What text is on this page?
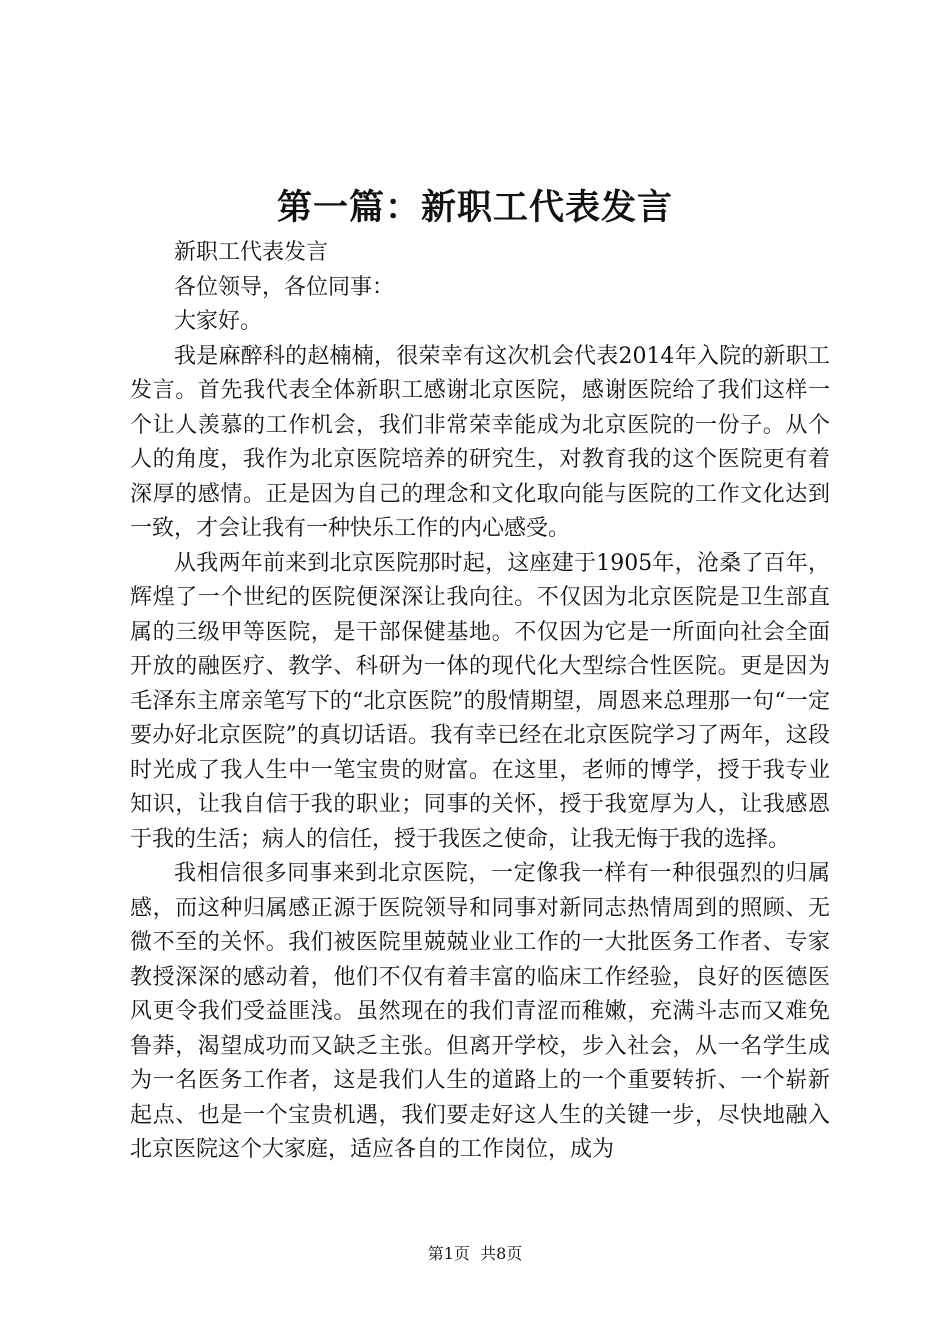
第一篇：新职工代表发言

新职工代表发言

各位领导，各位同事：

大家好。

我是麻醉科的赵楠楠，很荣幸有这次机会代表2014年入院的新职工发言。首先我代表全体新职工感谢北京医院，感谢医院给了我们这样一个让人羡慕的工作机会，我们非常荣幸能成为北京医院的一份子。从个人的角度，我作为北京医院培养的研究生，对教育我的这个医院更有着深厚的感情。正是因为自己的理念和文化取向能与医院的工作文化达到一致，才会让我有一种快乐工作的内心感受。

从我两年前来到北京医院那时起，这座建于1905年，沧桑了百年，辉煌了一个世纪的医院便深深让我向往。不仅因为北京医院是卫生部直属的三级甲等医院，是干部保健基地。不仅因为它是一所面向社会全面开放的融医疗、教学、科研为一体的现代化大型综合性医院。更是因为毛泽东主席亲笔写下的“北京医院”的殷情期望，周恩来总理那一句“一定要办好北京医院”的真切话语。我有幸已经在北京医院学习了两年，这段时光成了我人生中一笔宝贵的财富。在这里，老师的博学，授于我专业知识，让我自信于我的职业；同事的关怀，授于我宽厚为人，让我感恩于我的生活；病人的信任，授于我医之使命，让我无悔于我的选择。

我相信很多同事来到北京医院，一定像我一样有一种很强烈的归属感，而这种归属感正源于医院领导和同事对新同志热情周到的照顾、无微不至的关怀。我们被医院里兢兢业业工作的一大批医务工作者、专家教授深深的感动着，他们不仅有着丰富的临床工作经验，良好的医德医风更令我们受益匪浅。虽然现在的我们青涩而稚嫩，充满斗志而又难免鲁莽，渴望成功而又缺乏主张。但离开学校，步入社会，从一名学生成为一名医务工作者，这是我们人生的道路上的一个重要转折、一个崭新起点、也是一个宝贵机遇，我们要走好这人生的关键一步，尽快地融入北京医院这个大家庭，适应各自的工作岗位，成为

第1页  共8页
